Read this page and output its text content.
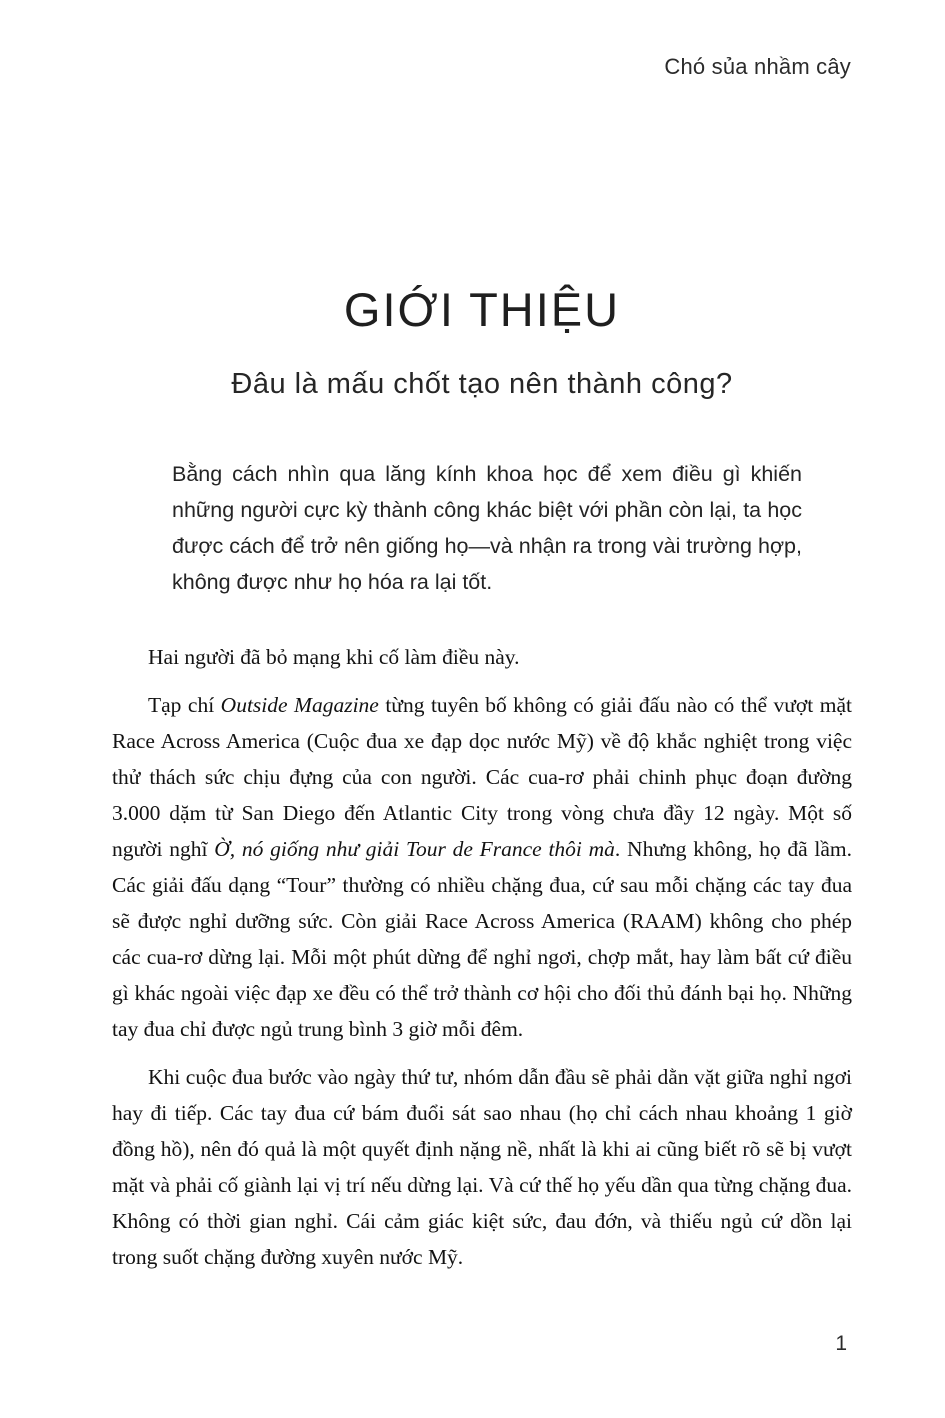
Chó sủa nhầm cây
GIỚI THIỆU
Đâu là mấu chốt tạo nên thành công?
Bằng cách nhìn qua lăng kính khoa học để xem điều gì khiến những người cực kỳ thành công khác biệt với phần còn lại, ta học được cách để trở nên giống họ—và nhận ra trong vài trường hợp, không được như họ hóa ra lại tốt.

Hai người đã bỏ mạng khi cố làm điều này.

Tạp chí Outside Magazine từng tuyên bố không có giải đấu nào có thể vượt mặt Race Across America (Cuộc đua xe đạp dọc nước Mỹ) về độ khắc nghiệt trong việc thử thách sức chịu đựng của con người. Các cua-rơ phải chinh phục đoạn đường 3.000 dặm từ San Diego đến Atlantic City trong vòng chưa đầy 12 ngày. Một số người nghĩ Ờ, nó giống như giải Tour de France thôi mà. Nhưng không, họ đã lầm. Các giải đấu dạng “Tour” thường có nhiều chặng đua, cứ sau mỗi chặng các tay đua sẽ được nghỉ dưỡng sức. Còn giải Race Across America (RAAM) không cho phép các cua-rơ dừng lại. Mỗi một phút dừng để nghỉ ngơi, chợp mắt, hay làm bất cứ điều gì khác ngoài việc đạp xe đều có thể trở thành cơ hội cho đối thủ đánh bại họ. Những tay đua chỉ được ngủ trung bình 3 giờ mỗi đêm.

Khi cuộc đua bước vào ngày thứ tư, nhóm dẫn đầu sẽ phải dằn vặt giữa nghỉ ngơi hay đi tiếp. Các tay đua cứ bám đuổi sát sao nhau (họ chỉ cách nhau khoảng 1 giờ đồng hồ), nên đó quả là một quyết định nặng nề, nhất là khi ai cũng biết rõ sẽ bị vượt mặt và phải cố giành lại vị trí nếu dừng lại. Và cứ thế họ yếu dần qua từng chặng đua. Không có thời gian nghỉ. Cái cảm giác kiệt sức, đau đớn, và thiếu ngủ cứ dồn lại trong suốt chặng đường xuyên nước Mỹ.

1
